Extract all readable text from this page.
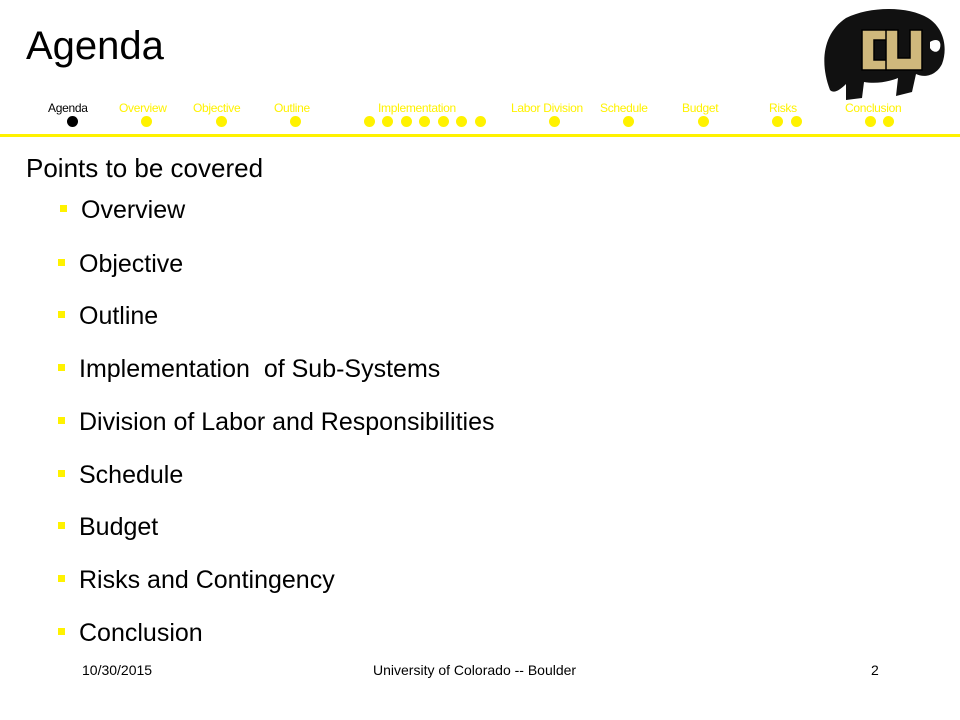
Agenda
Agenda	Overview Objective	Outline	Implementation	Labor Division Schedule	Budget	Risks	Conclusion
Points to be covered
Overview
Objective
Outline
Implementation  of Sub-Systems
Division of Labor and Responsibilities
Schedule
Budget
Risks and Contingency
Conclusion
10/30/2015	University of Colorado -- Boulder	2
